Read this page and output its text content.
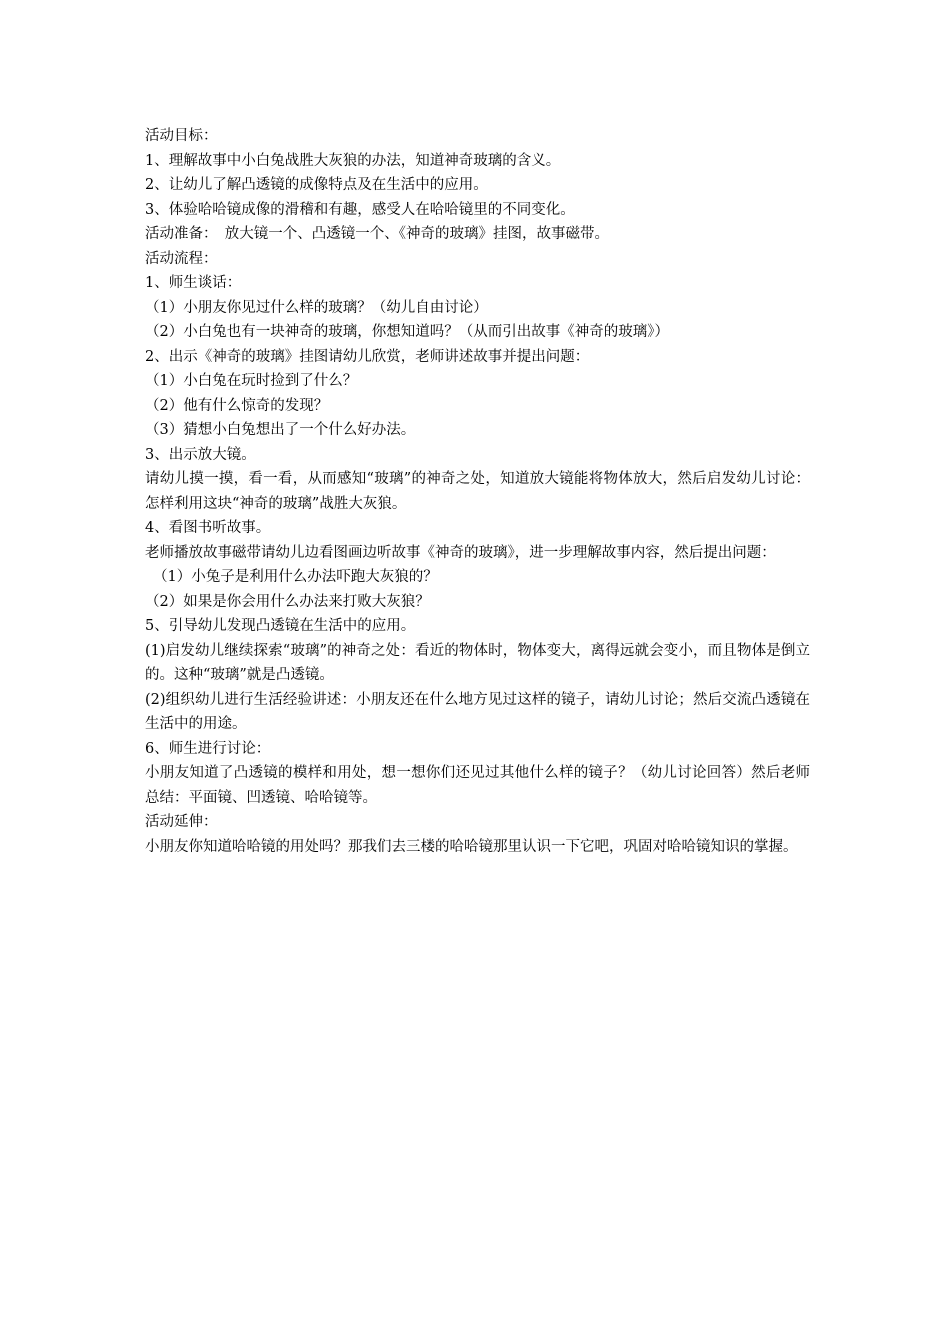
活动目标：

1、理解故事中小白兔战胜大灰狼的办法，知道神奇玻璃的含义。

2、让幼儿了解凸透镜的成像特点及在生活中的应用。

3、体验哈哈镜成像的滑稽和有趣，感受人在哈哈镜里的不同变化。

活动准备：　放大镜一个、凸透镜一个、《神奇的玻璃》挂图，故事磁带。

活动流程：

1、师生谈话：

（1）小朋友你见过什么样的玻璃？（幼儿自由讨论）

（2）小白兔也有一块神奇的玻璃，你想知道吗？（从而引出故事《神奇的玻璃》）

2、出示《神奇的玻璃》挂图请幼儿欣赏，老师讲述故事并提出问题：

（1）小白兔在玩时捡到了什么？

（2）他有什么惊奇的发现？

（3）猜想小白兔想出了一个什么好办法。

3、出示放大镜。

请幼儿摸一摸，看一看，从而感知“玻璃”的神奇之处，知道放大镜能将物体放大，然后启发幼儿讨论：怎样利用这块“神奇的玻璃”战胜大灰狼。

4、看图书听故事。

老师播放故事磁带请幼儿边看图画边听故事《神奇的玻璃》，进一步理解故事内容，然后提出问题：

（1）小兔子是利用什么办法吓跑大灰狼的？

（2）如果是你会用什么办法来打败大灰狼？

5、引导幼儿发现凸透镜在生活中的应用。

(1)启发幼儿继续探索“玻璃”的神奇之处：看近的物体时，物体变大，离得远就会变小，而且物体是倒立的。这种“玻璃”就是凸透镜。

(2)组织幼儿进行生活经验讲述：小朋友还在什么地方见过这样的镜子，请幼儿讨论；然后交流凸透镜在生活中的用途。

6、师生进行讨论：

小朋友知道了凸透镜的模样和用处，想一想你们还见过其他什么样的镜子？（幼儿讨论回答）然后老师总结：平面镜、凹透镜、哈哈镜等。

活动延伸：

小朋友你知道哈哈镜的用处吗？那我们去三楼的哈哈镜那里认识一下它吧，巩固对哈哈镜知识的掌握。
